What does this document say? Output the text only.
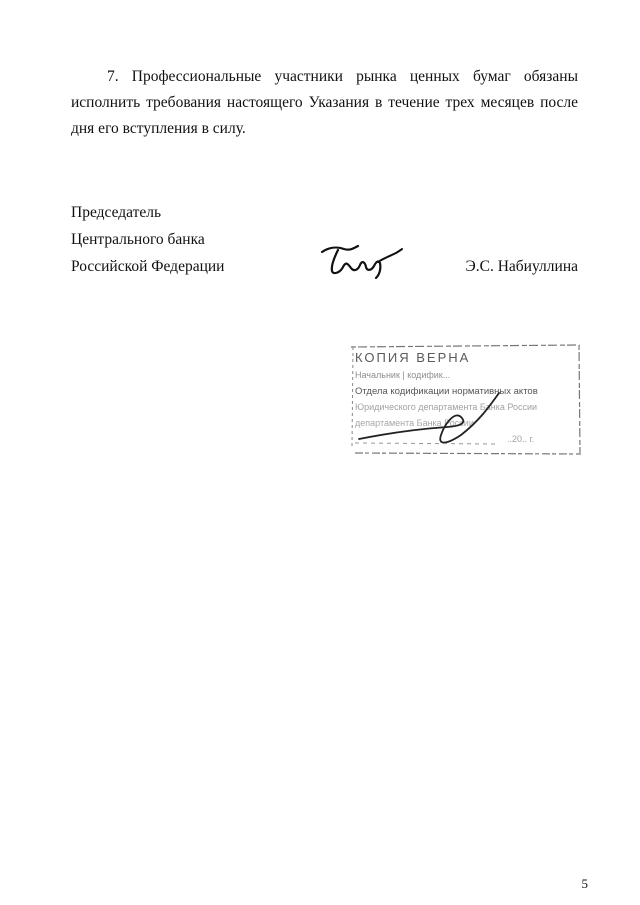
7. Профессиональные участники рынка ценных бумаг обязаны исполнить требования настоящего Указания в течение трех месяцев после дня его вступления в силу.

Председатель
Центрального банка
Российской Федерации	Э.С. Набиуллина
КОПИЯ ВЕРНА
Начальник | кодифик...
Отдела кодификации нормативных актов
Юридического департамента Банка России
департамента Банка России
..20.. г.
5
